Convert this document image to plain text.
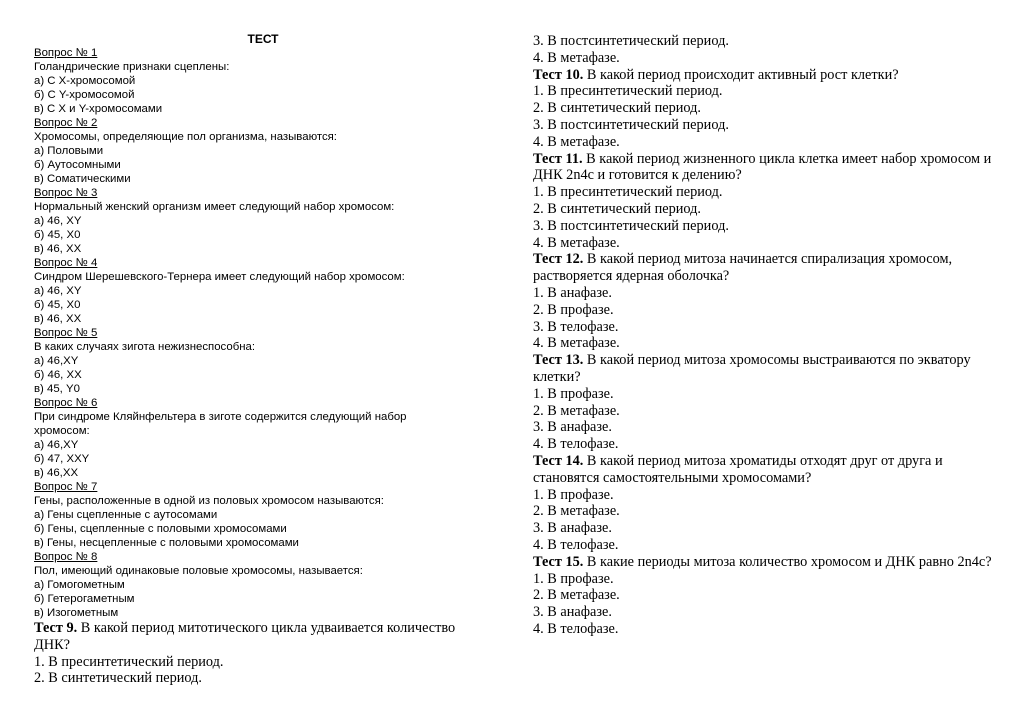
ТЕСТ
Вопрос № 1
Голандрические признаки сцеплены:
а) С X-хромосомой
б) С Y-хромосомой
в) С X и Y-хромосомами
Вопрос № 2
Хромосомы, определяющие пол организма, называются:
а) Половыми
б) Аутосомными
в) Соматическими
Вопрос № 3
Нормальный женский организм имеет следующий набор хромосом:
а) 46, XY
б) 45, X0
в) 46, XX
Вопрос № 4
Синдром Шерешевского-Тернера имеет следующий набор хромосом:
а) 46, XY
б) 45, X0
в) 46, XX
Вопрос № 5
В каких случаях зигота нежизнеспособна:
а) 46,XY
б) 46, XX
в) 45, Y0
Вопрос № 6
При синдроме Кляйнфельтера в зиготе содержится следующий набор
хромосом:
а) 46,XY
б) 47, XXY
в) 46,XX
Вопрос № 7
Гены, расположенные в одной из половых хромосом называются:
а) Гены сцепленные с аутосомами
б) Гены, сцепленные с половыми хромосомами
в) Гены, несцепленные с половыми хромосомами
Вопрос № 8
Пол, имеющий одинаковые половые хромосомы, называется:
а) Гомогометным
б) Гетерогаметным
в) Изогометным
Тест 9. В какой период митотического цикла удваивается количество ДНК?
1. В пресинтетический период.
2. В синтетический период.
3. В постсинтетический период.
4. В метафазе.
Тест 10. В какой период происходит активный рост клетки?
1. В пресинтетический период.
2. В синтетический период.
3. В постсинтетический период.
4. В метафазе.
Тест 11. В какой период жизненного цикла клетка имеет набор хромосом и ДНК 2n4c и готовится к делению?
1. В пресинтетический период.
2. В синтетический период.
3. В постсинтетический период.
4. В метафазе.
Тест 12. В какой период митоза начинается спирализация хромосом, растворяется ядерная оболочка?
1. В анафазе.
2. В профазе.
3. В телофазе.
4. В метафазе.
Тест 13. В какой период митоза хромосомы выстраиваются по экватору клетки?
1. В профазе.
2. В метафазе.
3. В анафазе.
4. В телофазе.
Тест 14. В какой период митоза хроматиды отходят друг от друга и становятся самостоятельными хромосомами?
1. В профазе.
2. В метафазе.
3. В анафазе.
4. В телофазе.
Тест 15. В какие периоды митоза количество хромосом и ДНК равно 2n4c?
1. В профазе.
2. В метафазе.
3. В анафазе.
4. В телофазе.
